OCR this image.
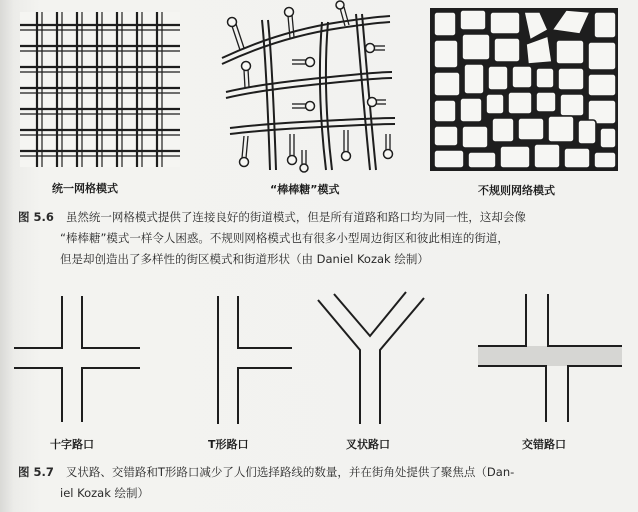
统一网格模式	“棒棒糖”模式	不规则网络模式
图 5.6 虽然统一网格模式提供了连接良好的街道模式，但是所有道路和路口均为同一性，这却会像
“棒棒糖”模式一样令人困惑。不规则网格模式也有很多小型周边街区和彼此相连的街道，
但是却创造出了多样性的街区模式和街道形状（由 Daniel Kozak 绘制）
十字路口	T形路口	叉状路口	交错路口
图 5.7 叉状路、交错路和T形路口减少了人们选择路线的数量，并在街角处提供了聚焦点（Dan-
iel Kozak 绘制）
